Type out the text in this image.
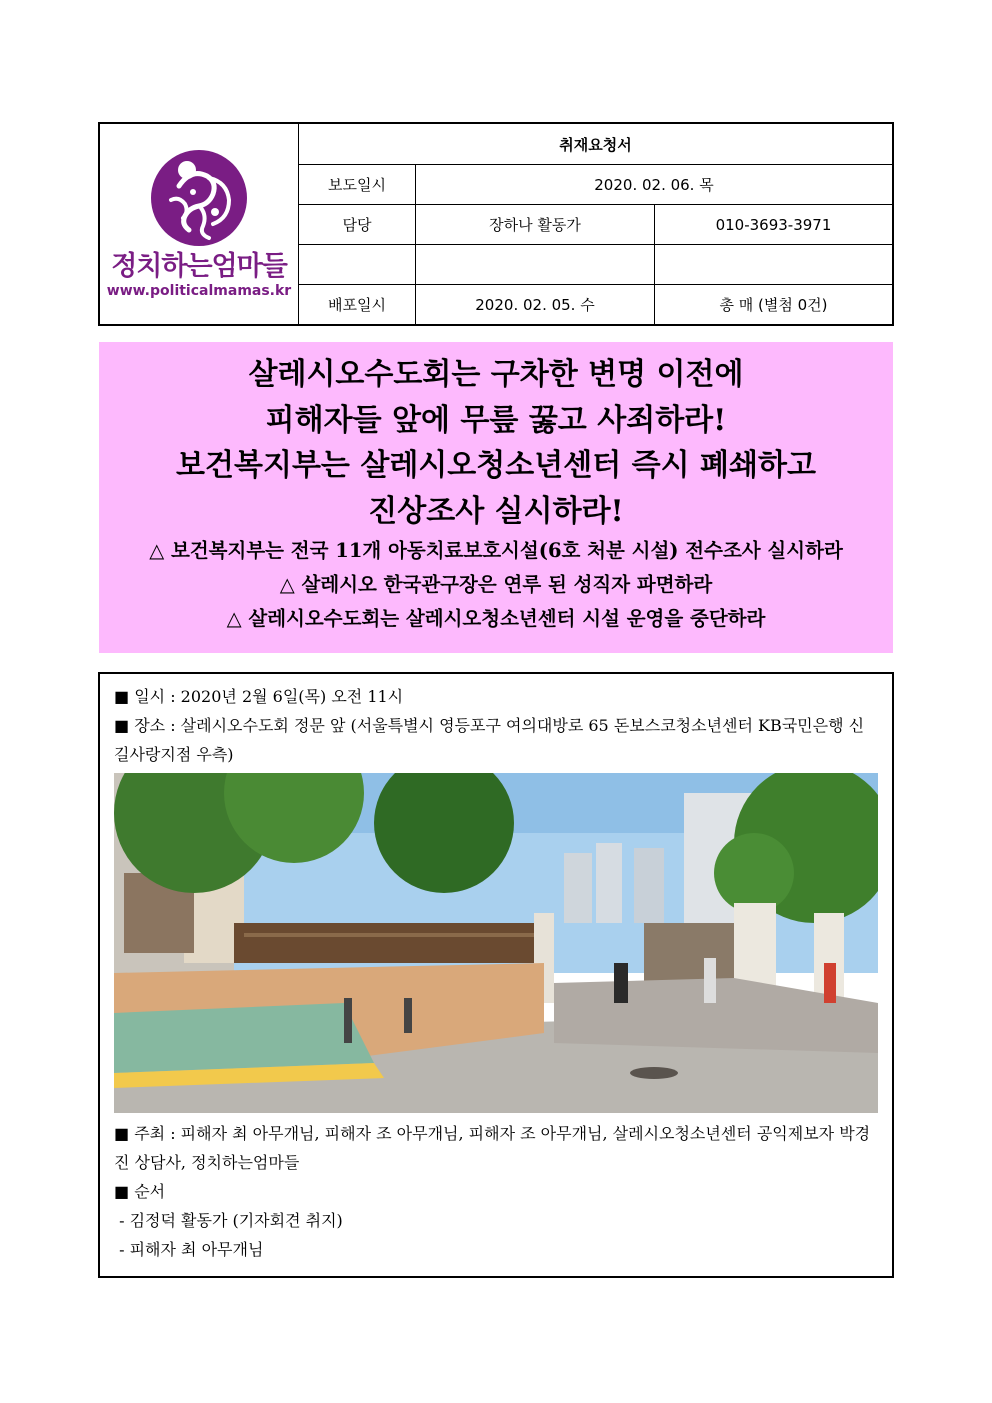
정치하는엄마들
www.politicalmamas.kr	취재요청서		
	보도일시	2020. 02. 06. 목	
	담당	장하나 활동가	010-3693-3971

	배포일시	2020. 02. 05. 수	총 매 (별첨 0건)
살레시오수도회는 구차한 변명 이전에
피해자들 앞에 무릎 꿇고 사죄하라!
보건복지부는 살레시오청소년센터 즉시 폐쇄하고
진상조사 실시하라!
△ 보건복지부는 전국 11개 아동치료보호시설(6호 처분 시설) 전수조사 실시하라
△ 살레시오 한국관구장은 연루 된 성직자 파면하라
△ 살레시오수도회는 살레시오청소년센터 시설 운영을 중단하라

■ 일시 : 2020년 2월 6일(목) 오전 11시

■ 장소 : 살레시오수도회 정문 앞 (서울특별시 영등포구 여의대방로 65 돈보스코청소년센터 KB국민은행 신길사랑지점 우측)

■ 주최 : 피해자 최 아무개님, 피해자 조 아무개님, 피해자 조 아무개님, 살레시오청소년센터 공익제보자 박경진 상담사, 정치하는엄마들

■ 순서

- 김정덕 활동가 (기자회견 취지)

- 피해자 최 아무개님
